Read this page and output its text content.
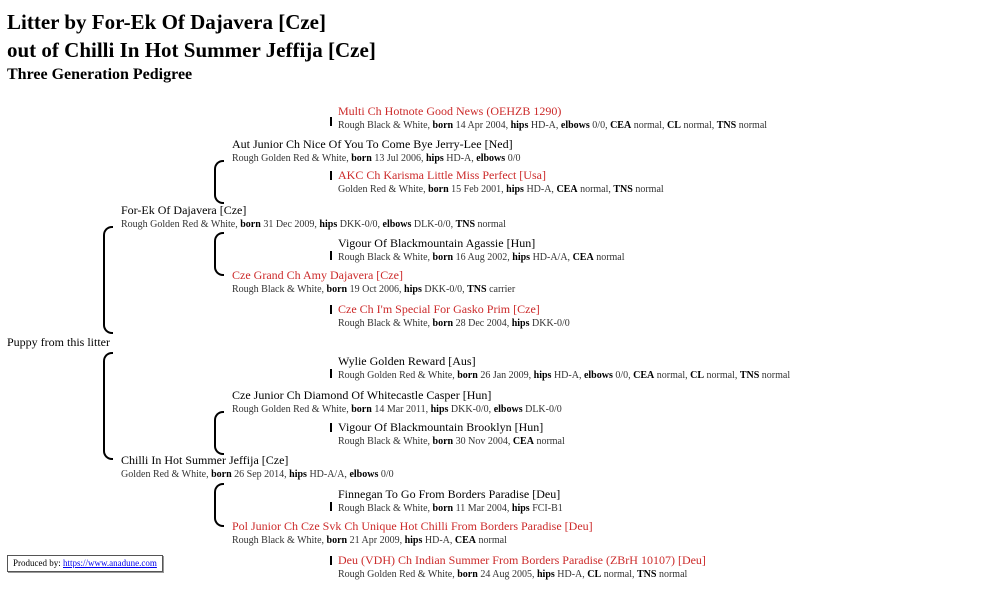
Litter by For-Ek Of Dajavera [Cze]
out of Chilli In Hot Summer Jeffija [Cze]
Three Generation Pedigree
Puppy from this litter
For-Ek Of Dajavera [Cze]
Rough Golden Red & White, born 31 Dec 2009, hips DKK-0/0, elbows DLK-0/0, TNS normal
Aut Junior Ch Nice Of You To Come Bye Jerry-Lee [Ned]
Rough Golden Red & White, born 13 Jul 2006, hips HD-A, elbows 0/0
Multi Ch Hotnote Good News (OEHZB 1290)
Rough Black & White, born 14 Apr 2004, hips HD-A, elbows 0/0, CEA normal, CL normal, TNS normal
AKC Ch Karisma Little Miss Perfect [Usa]
Golden Red & White, born 15 Feb 2001, hips HD-A, CEA normal, TNS normal
Cze Grand Ch Amy Dajavera [Cze]
Rough Black & White, born 19 Oct 2006, hips DKK-0/0, TNS carrier
Vigour Of Blackmountain Agassie [Hun]
Rough Black & White, born 16 Aug 2002, hips HD-A/A, CEA normal
Cze Ch I'm Special For Gasko Prim [Cze]
Rough Black & White, born 28 Dec 2004, hips DKK-0/0
Chilli In Hot Summer Jeffija [Cze]
Golden Red & White, born 26 Sep 2014, hips HD-A/A, elbows 0/0
Cze Junior Ch Diamond Of Whitecastle Casper [Hun]
Rough Golden Red & White, born 14 Mar 2011, hips DKK-0/0, elbows DLK-0/0
Wylie Golden Reward [Aus]
Rough Golden Red & White, born 26 Jan 2009, hips HD-A, elbows 0/0, CEA normal, CL normal, TNS normal
Vigour Of Blackmountain Brooklyn [Hun]
Rough Black & White, born 30 Nov 2004, CEA normal
Pol Junior Ch Cze Svk Ch Unique Hot Chilli From Borders Paradise [Deu]
Rough Black & White, born 21 Apr 2009, hips HD-A, CEA normal
Finnegan To Go From Borders Paradise [Deu]
Rough Black & White, born 11 Mar 2004, hips FCI-B1
Deu (VDH) Ch Indian Summer From Borders Paradise (ZBrH 10107) [Deu]
Rough Golden Red & White, born 24 Aug 2005, hips HD-A, CL normal, TNS normal
Produced by: https://www.anadune.com
